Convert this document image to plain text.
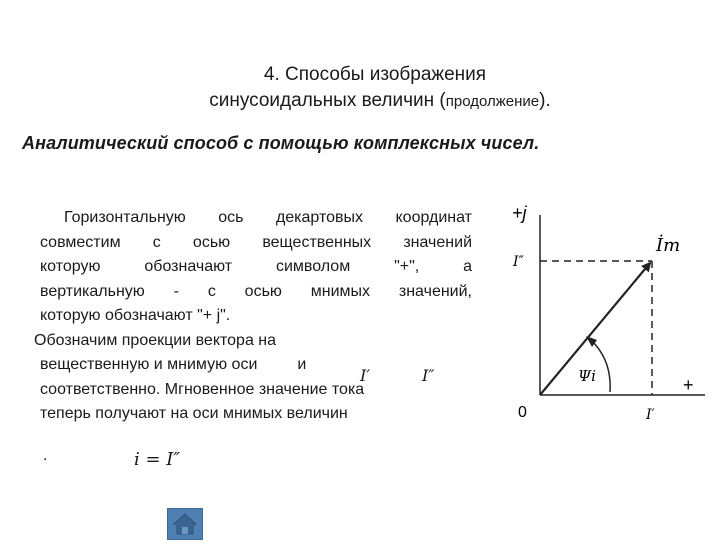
4. Способы изображения
синусоидальных величин (продолжение).
Аналитический способ с помощью комплексных чисел.
Горизонтальную ось декартовых координат
совместим с осью вещественных значений
которую обозначают символом "+", а
вертикальную - с осью мнимых значений,
которую обозначают "+ j".
Обозначим проекции вектора на
вещественную и мнимую оси         и
соответственно. Мгновенное значение тока
теперь получают на оси мнимых величин
.
I′	I″
i = I″
+j
+
0
I″
I′
İm
Ψi
